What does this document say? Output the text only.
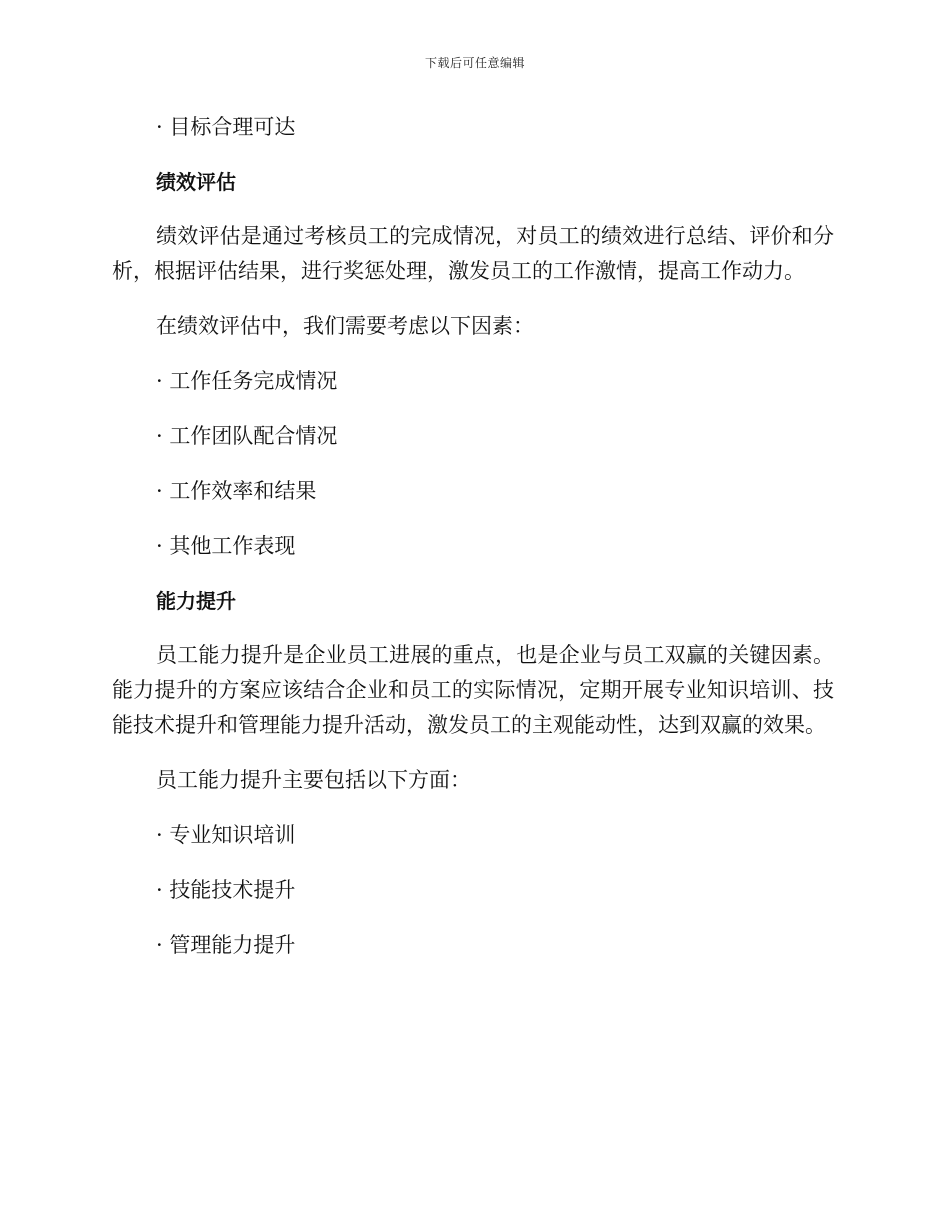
下载后可任意编辑
· 目标合理可达
绩效评估

绩效评估是通过考核员工的完成情况，对员工的绩效进行总结、评价和分析，根据评估结果，进行奖惩处理，激发员工的工作激情，提高工作动力。

在绩效评估中，我们需要考虑以下因素：

· 工作任务完成情况
· 工作团队配合情况
· 工作效率和结果
· 其他工作表现
能力提升

员工能力提升是企业员工进展的重点，也是企业与员工双赢的关键因素。能力提升的方案应该结合企业和员工的实际情况，定期开展专业知识培训、技能技术提升和管理能力提升活动，激发员工的主观能动性，达到双赢的效果。

员工能力提升主要包括以下方面：

· 专业知识培训
· 技能技术提升
· 管理能力提升
